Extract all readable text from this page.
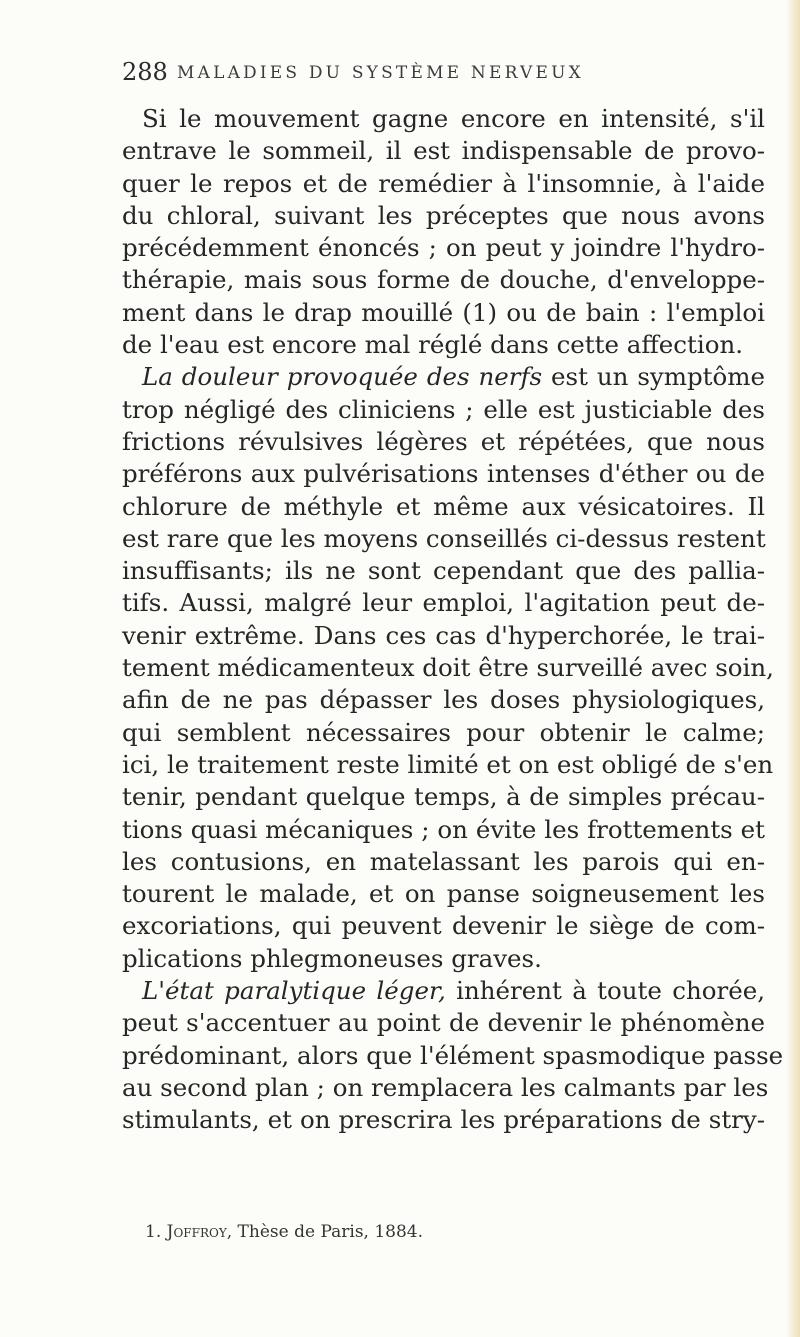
288 MALADIES DU SYSTÈME NERVEUX
Si le mouvement gagne encore en intensité, s'il
entrave le sommeil, il est indispensable de provo-
quer le repos et de remédier à l'insomnie, à l'aide
du chloral, suivant les préceptes que nous avons
précédemment énoncés ; on peut y joindre l'hydro-
thérapie, mais sous forme de douche, d'enveloppe-
ment dans le drap mouillé (1) ou de bain : l'emploi
de l'eau est encore mal réglé dans cette affection.
La douleur provoquée des nerfs est un symptôme
trop négligé des cliniciens ; elle est justiciable des
frictions révulsives légères et répétées, que nous
préférons aux pulvérisations intenses d'éther ou de
chlorure de méthyle et même aux vésicatoires. Il
est rare que les moyens conseillés ci-dessus restent
insuffisants; ils ne sont cependant que des pallia-
tifs. Aussi, malgré leur emploi, l'agitation peut de-
venir extrême. Dans ces cas d'hyperchorée, le trai-
tement médicamenteux doit être surveillé avec soin,
afin de ne pas dépasser les doses physiologiques,
qui semblent nécessaires pour obtenir le calme;
ici, le traitement reste limité et on est obligé de s'en
tenir, pendant quelque temps, à de simples précau-
tions quasi mécaniques ; on évite les frottements et
les contusions, en matelassant les parois qui en-
tourent le malade, et on panse soigneusement les
excoriations, qui peuvent devenir le siège de com-
plications phlegmoneuses graves.
L'état paralytique léger, inhérent à toute chorée,
peut s'accentuer au point de devenir le phénomène
prédominant, alors que l'élément spasmodique passe
au second plan ; on remplacera les calmants par les
stimulants, et on prescrira les préparations de stry-
1. Joffroy, Thèse de Paris, 1884.
